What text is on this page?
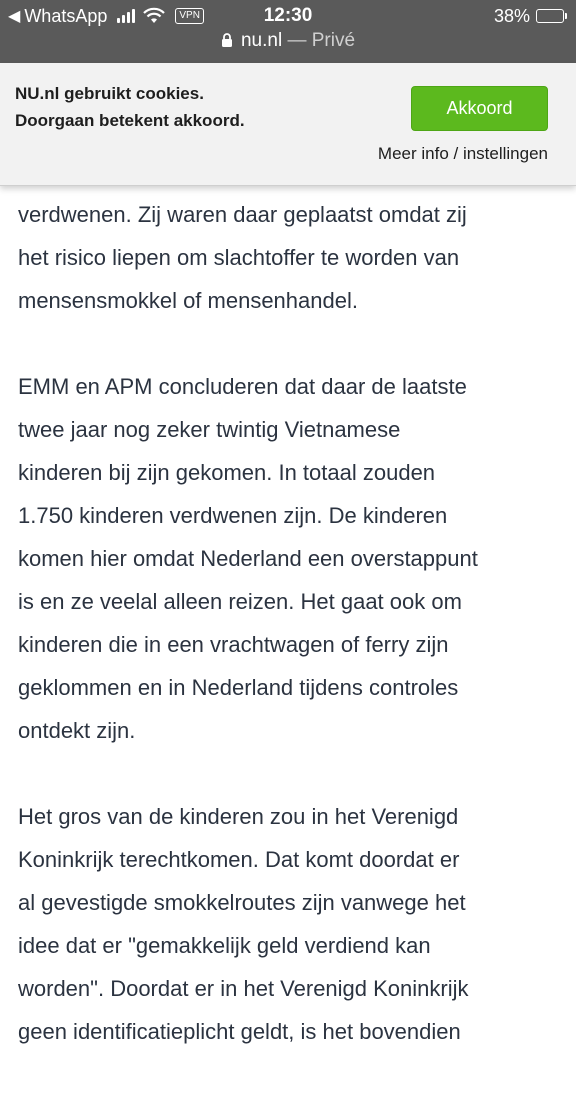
◀ WhatsApp	VPN	12:30	38%
nu.nl — Privé
NU.nl gebruikt cookies.
Doorgaan betekent akkoord.
Akkoord
Meer info / instellingen

verdwenen. Zij waren daar geplaatst omdat zij
het risico liepen om slachtoffer te worden van
mensensmokkel of mensenhandel.

EMM en APM concluderen dat daar de laatste
twee jaar nog zeker twintig Vietnamese
kinderen bij zijn gekomen. In totaal zouden
1.750 kinderen verdwenen zijn. De kinderen
komen hier omdat Nederland een overstappunt
is en ze veelal alleen reizen. Het gaat ook om
kinderen die in een vrachtwagen of ferry zijn
geklommen en in Nederland tijdens controles
ontdekt zijn.

Het gros van de kinderen zou in het Verenigd
Koninkrijk terechtkomen. Dat komt doordat er
al gevestigde smokkelroutes zijn vanwege het
idee dat er "gemakkelijk geld verdiend kan
worden". Doordat er in het Verenigd Koninkrijk
geen identificatieplicht geldt, is het bovendien
